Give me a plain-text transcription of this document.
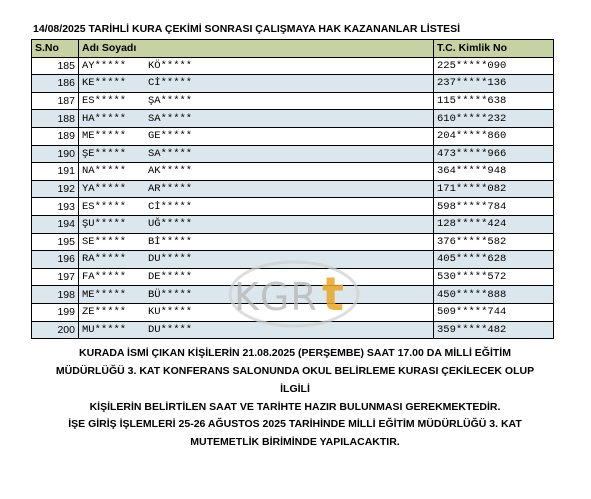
14/08/2025 TARİHLİ KURA ÇEKİMİ SONRASI ÇALIŞMAYA HAK KAZANANLAR LİSTESİ
S.No	Adı Soyadı	T.C. Kimlik No
185	AY***** KÖ*****	225*****090
186	KE***** Cİ*****	237*****136
187	ES***** ŞA*****	115*****638
188	HA***** SA*****	610*****232
189	ME***** GE*****	204*****860
190	ŞE***** SA*****	473*****966
191	NA***** AK*****	364*****948
192	YA***** AR*****	171*****082
193	ES***** Cİ*****	598*****784
194	ŞU***** UĞ*****	128*****424
195	SE***** Bİ*****	376*****582
196	RA***** DU*****	405*****628
197	FA***** DE*****	530*****572
198	ME***** BÜ*****	450*****888
199	ZE***** KU*****	509*****744
200	MU***** DU*****	359*****482
KGR t
KURADA İSMİ ÇIKAN KİŞİLERİN 21.08.2025 (PERŞEMBE) SAAT 17.00 DA MİLLİ EĞİTİM
MÜDÜRLÜĞÜ 3. KAT KONFERANS SALONUNDA OKUL BELİRLEME KURASI ÇEKİLECEK OLUP İLGİLİ
KİŞİLERİN BELİRTİLEN SAAT VE TARİHTE HAZIR BULUNMASI GEREKMEKTEDİR.
İŞE GİRİŞ İŞLEMLERİ 25-26 AĞUSTOS 2025 TARİHİNDE MİLLİ EĞİTİM MÜDÜRLÜĞÜ 3. KAT
MUTEMETLİK BİRİMİNDE YAPILACAKTIR.
